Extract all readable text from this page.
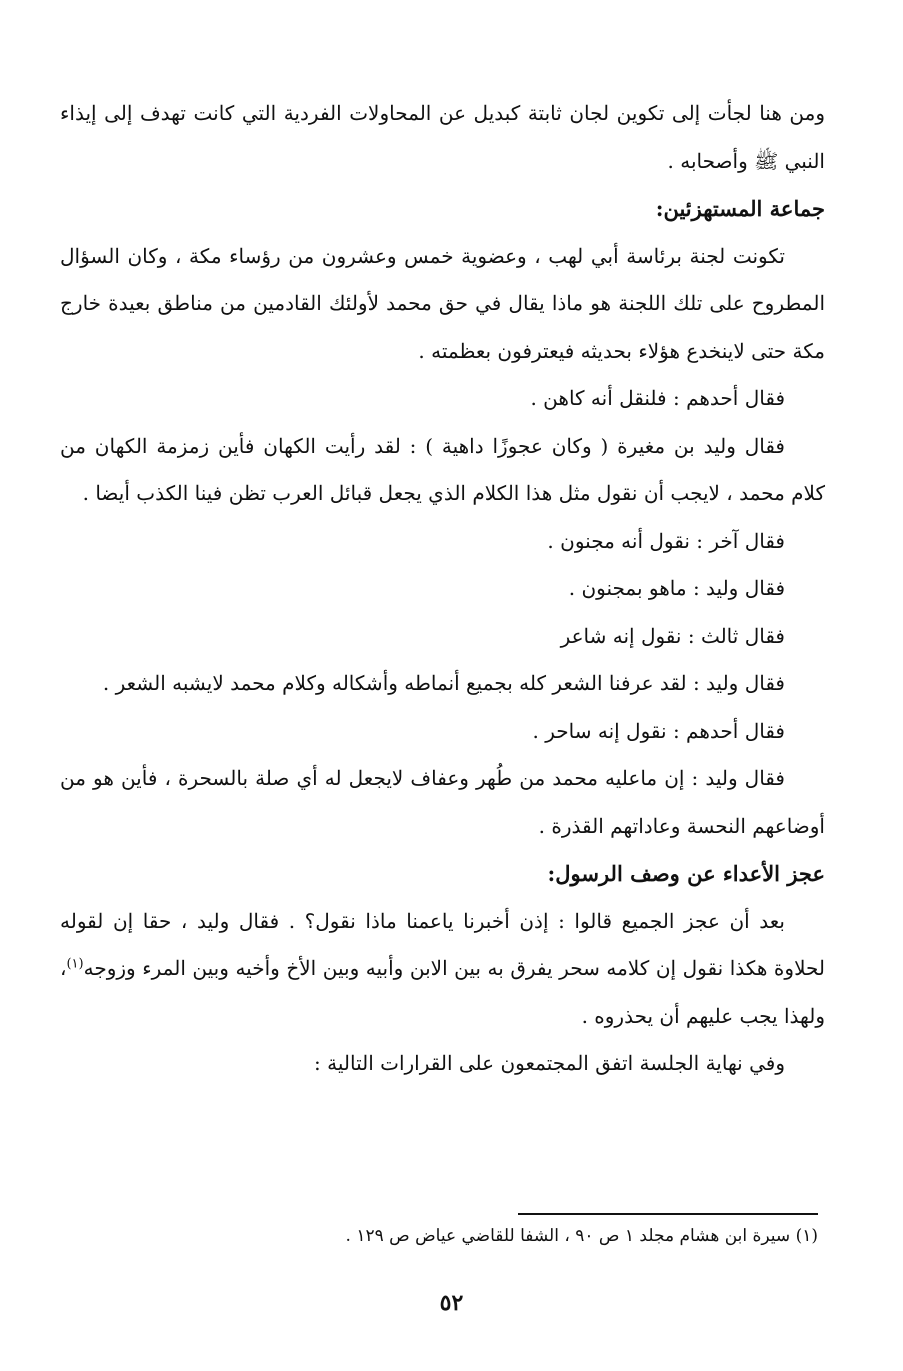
ومن هنا لجأت إلى تكوين لجان ثابتة كبديل عن المحاولات الفردية التي كانت تهدف إلى إيذاء النبي ﷺ وأصحابه .

جماعة المستهزئين:

تكونت لجنة برئاسة أبي لهب ، وعضوية خمس وعشرون من رؤساء مكة ، وكان السؤال المطروح على تلك اللجنة هو ماذا يقال في حق محمد لأولئك القادمين من مناطق بعيدة خارج مكة حتى لاينخدع هؤلاء بحديثه فيعترفون بعظمته .

فقال أحدهم : فلنقل أنه كاهن .

فقال وليد بن مغيرة ( وكان عجوزًا داهية ) : لقد رأيت الكهان فأين زمزمة الكهان من كلام محمد ، لايجب أن نقول مثل هذا الكلام الذي يجعل قبائل العرب تظن فينا الكذب أيضا .

فقال آخر : نقول أنه مجنون .

فقال وليد : ماهو بمجنون .

فقال ثالث : نقول إنه شاعر

فقال وليد : لقد عرفنا الشعر كله بجميع أنماطه وأشكاله وكلام محمد لايشبه الشعر .

فقال أحدهم : نقول إنه ساحر .

فقال وليد : إن ماعليه محمد من طُهر وعفاف لايجعل له أي صلة بالسحرة ، فأين هو من أوضاعهم النحسة وعاداتهم القذرة .

عجز الأعداء عن وصف الرسول:

بعد أن عجز الجميع قالوا : إذن أخبرنا ياعمنا ماذا نقول؟ . فقال وليد ، حقا إن لقوله لحلاوة هكذا نقول إن كلامه سحر يفرق به بين الابن وأبيه وبين الأخ وأخيه وبين المرء وزوجه$^{(١)}$، ولهذا يجب عليهم أن يحذروه .

وفي نهاية الجلسة اتفق المجتمعون على القرارات التالية :

(١) سيرة ابن هشام مجلد ١ ص ٩٠ ، الشفا للقاضي عياض ص ١٢٩ .

٥٢
